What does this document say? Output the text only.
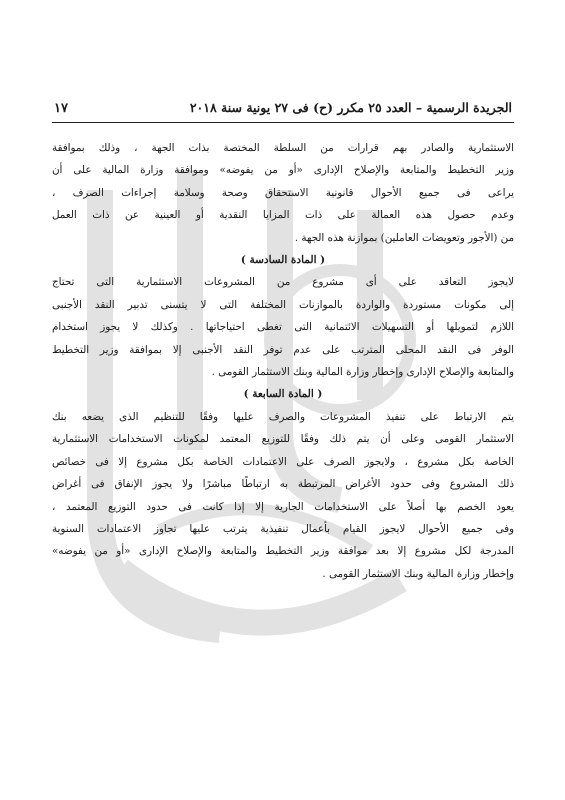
الجريدة الرسمية – العدد ٢٥ مكرر (ح) فى ٢٧ يونية سنة ٢٠١٨
١٧

الاستثمارية والصادر بهم قرارات من السلطة المختصة بذات الجهة ، وذلك بموافقة

وزير التخطيط والمتابعة والإصلاح الإدارى «أو من يفوضه» وموافقة وزارة المالية على أن

يراعى فى جميع الأحوال قانونية الاستحقاق وصحة وسلامة إجراءات الصرف ،

وعدم حصول هذه العمالة على ذات المزايا النقدية أو العينية عن ذات العمل

من (الأجور وتعويضات العاملين) بموازنة هذه الجهة .

( المادة السادسة )

لايجوز التعاقد على أى مشروع من المشروعات الاستثمارية التى تحتاج

إلى مكونات مستوردة والواردة بالموازنات المختلفة التى لا يتسنى تدبير النقد الأجنبى

اللازم لتمويلها أو التسهيلات الائتمانية التى تغطى احتياجاتها . وكذلك لا يجوز استخدام

الوفر فى النقد المحلى المترتب على عدم توفر النقد الأجنبى إلا بموافقة وزير التخطيط

والمتابعة والإصلاح الإدارى وإخطار وزارة المالية وبنك الاستثمار القومى .

( المادة السابعة )

يتم الارتباط على تنفيذ المشروعات والصرف عليها وفقًا للتنظيم الذى يضعه بنك

الاستثمار القومى وعلى أن يتم ذلك وفقًا للتوزيع المعتمد لمكونات الاستخدامات الاستثمارية

الخاصة بكل مشروع ، ولايجوز الصرف على الاعتمادات الخاصة بكل مشروع إلا فى خصائص

ذلك المشروع وفى حدود الأغراض المرتبطة به ارتباطًا مباشرًا ولا يجوز الإنفاق فى أغراض

يعود الخصم بها أصلاً على الاستخدامات الجارية إلا إذا كانت فى حدود التوزيع المعتمد ،

وفى جميع الأحوال لايجوز القيام بأعمال تنفيذية يترتب عليها تجاوز الاعتمادات السنوية

المدرجة لكل مشروع إلا بعد موافقة وزير التخطيط والمتابعة والإصلاح الإدارى «أو من يفوضه»

وإخطار وزارة المالية وبنك الاستثمار القومى .
